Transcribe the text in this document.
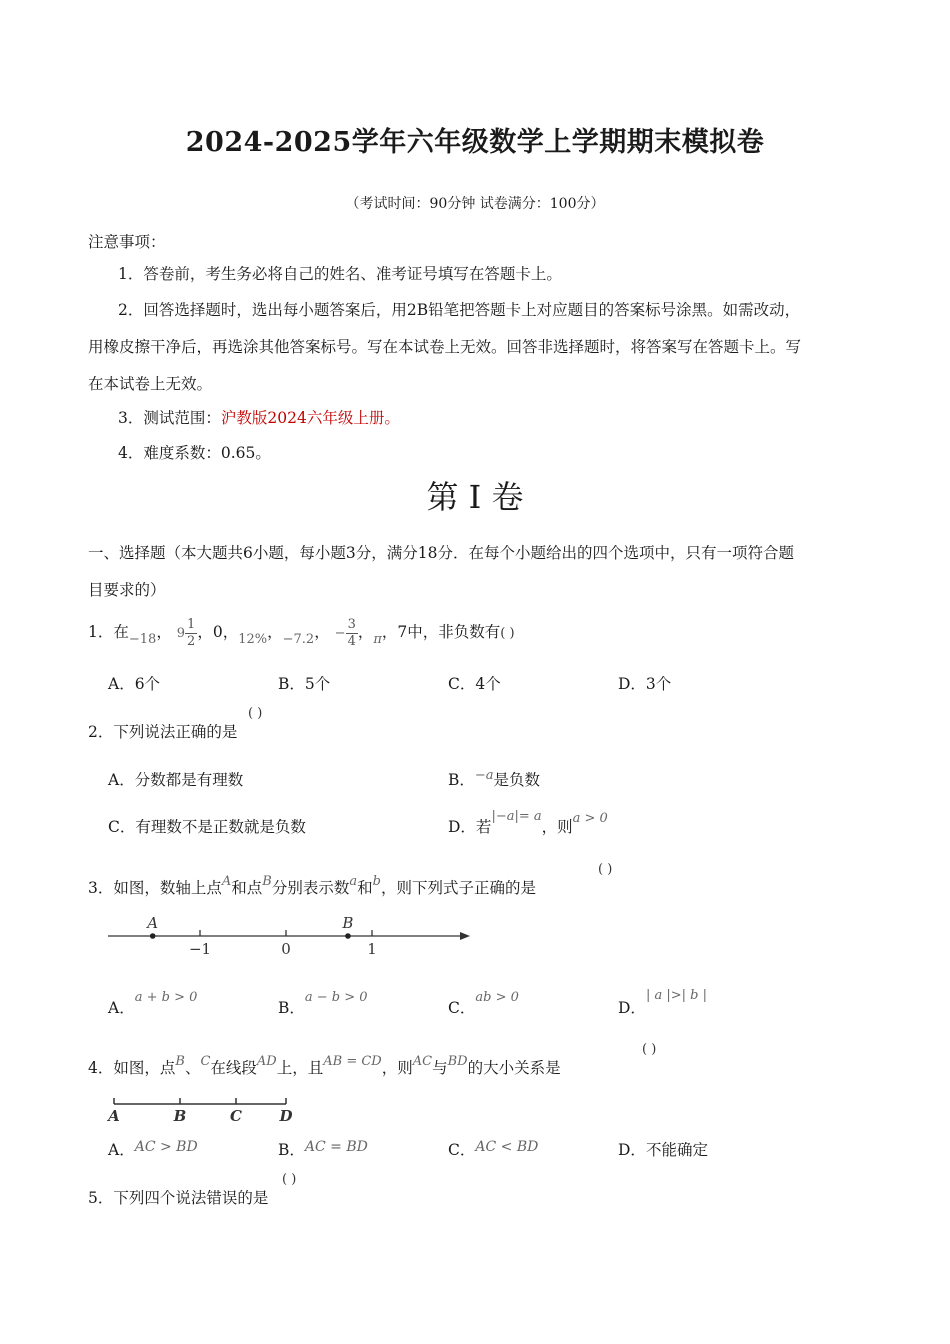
2024-2025学年六年级数学上学期期末模拟卷
（考试时间：90分钟 试卷满分：100分）
注意事项：
1．答卷前，考生务必将自己的姓名、准考证号填写在答题卡上。
2．回答选择题时，选出每小题答案后，用2B铅笔把答题卡上对应题目的答案标号涂黑。如需改动，
用橡皮擦干净后，再选涂其他答案标号。写在本试卷上无效。回答非选择题时，将答案写在答题卡上。写
在本试卷上无效。
3．测试范围：沪教版2024六年级上册。
4．难度系数：0.65。
第 I 卷
一、选择题（本大题共6小题，每小题3分，满分18分．在每个小题给出的四个选项中，只有一项符合题
目要求的）
1．在$_{-18}$， $9 \frac{1}{2}$ ，0，$_{12\%}$，$_{-7.2}$， − $\frac{3}{4}$ ，$_\pi$，7中，非负数有( )
A．6个	B．5个	C．4个	D．3个
2．下列说法正确的是
( )
A．分数都是有理数	B．$^{-a}$是负数
C．有理数不是正数就是负数	D．若$^{|-a|= a}$，则$^{a > 0}$
3．如图，数轴上点$^A$和点$^B$分别表示数$^a$和$^b$，则下列式子正确的是
( )
−1	0	1
A	B
A．$^{a + b > 0}$
B．$^{a - b > 0}$
C．$^{ab > 0}$
D．$^{| a |>| b |}$
4．如图，点$^B$、$^C$在线段$^{AD}$上，且$^{AB = CD}$，则$^{AC}$与$^{BD}$的大小关系是
( )
A	B	C	D
A．AC > BD	B．AC = BD	C．AC < BD	D．不能确定
5．下列四个说法错误的是
( )
